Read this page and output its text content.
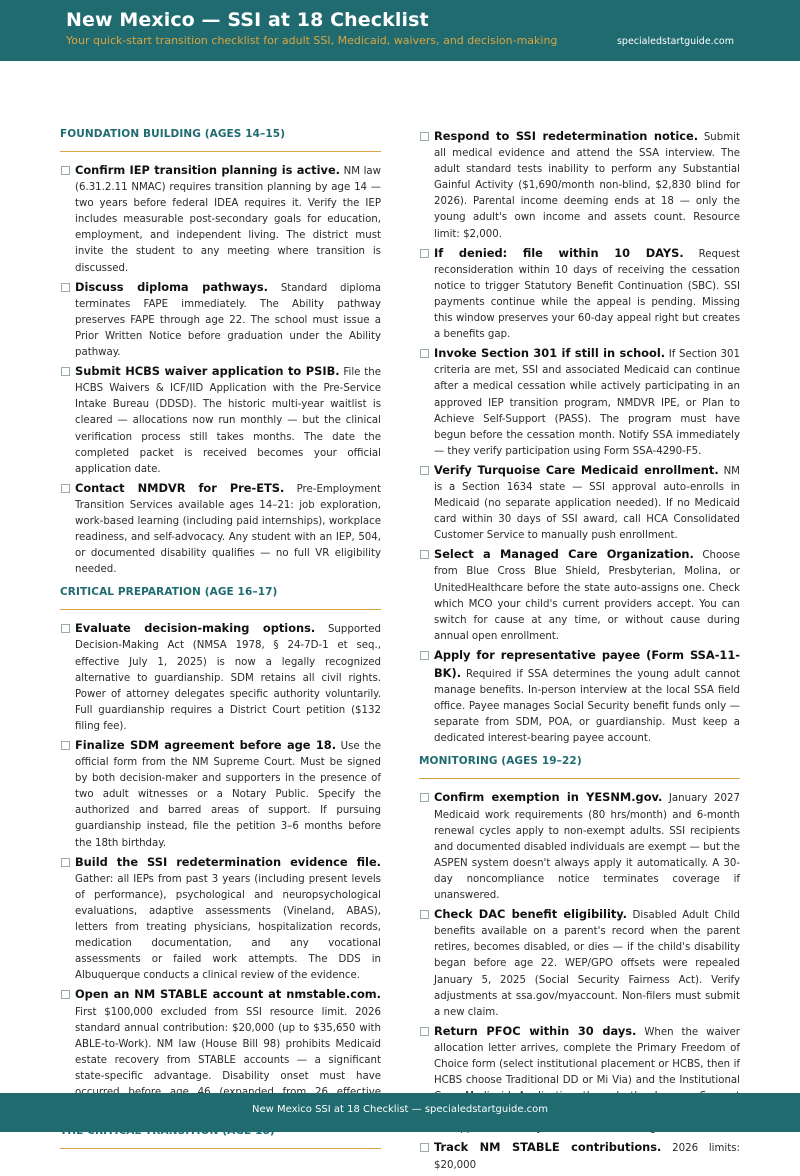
New Mexico — SSI at 18 Checklist
Your quick-start transition checklist for adult SSI, Medicaid, waivers, and decision-making	specialedstartguide.com
FOUNDATION BUILDING (AGES 14–15)
Confirm IEP transition planning is active. NM law (6.31.2.11 NMAC) requires transition planning by age 14 — two years before federal IDEA requires it. Verify the IEP includes measurable post-secondary goals for education, employment, and independent living. The district must invite the student to any meeting where transition is discussed.
Discuss diploma pathways. Standard diploma terminates FAPE immediately. The Ability pathway preserves FAPE through age 22. The school must issue a Prior Written Notice before graduation under the Ability pathway.
Submit HCBS waiver application to PSIB. File the HCBS Waivers & ICF/IID Application with the Pre-Service Intake Bureau (DDSD). The historic multi-year waitlist is cleared — allocations now run monthly — but the clinical verification process still takes months. The date the completed packet is received becomes your official application date.
Contact NMDVR for Pre-ETS. Pre-Employment Transition Services available ages 14–21: job exploration, work-based learning (including paid internships), workplace readiness, and self-advocacy. Any student with an IEP, 504, or documented disability qualifies — no full VR eligibility needed.
CRITICAL PREPARATION (AGE 16–17)
Evaluate decision-making options. Supported Decision-Making Act (NMSA 1978, § 24-7D-1 et seq., effective July 1, 2025) is now a legally recognized alternative to guardianship. SDM retains all civil rights. Power of attorney delegates specific authority voluntarily. Full guardianship requires a District Court petition ($132 filing fee).
Finalize SDM agreement before age 18. Use the official form from the NM Supreme Court. Must be signed by both decision-maker and supporters in the presence of two adult witnesses or a Notary Public. Specify the authorized and barred areas of support. If pursuing guardianship instead, file the petition 3–6 months before the 18th birthday.
Build the SSI redetermination evidence file. Gather: all IEPs from past 3 years (including present levels of performance), psychological and neuropsychological evaluations, adaptive assessments (Vineland, ABAS), letters from treating physicians, hospitalization records, medication documentation, and any vocational assessments or failed work attempts. The DDS in Albuquerque conducts a clinical review of the evidence.
Open an NM STABLE account at nmstable.com. First $100,000 excluded from SSI resource limit. 2026 standard annual contribution: $20,000 (up to $35,650 with ABLE-to-Work). NM law (House Bill 98) prohibits Medicaid estate recovery from STABLE accounts — a significant state-specific advantage. Disability onset must have
Respond to SSI redetermination notice. Submit all medical evidence and attend the SSA interview. The adult standard tests inability to perform any Substantial Gainful Activity ($1,690/month non-blind, $2,830 blind for 2026). Parental income deeming ends at 18 — only the young adult's own income and assets count. Resource limit: $2,000.
If denied: file within 10 DAYS. Request reconsideration within 10 days of receiving the cessation notice to trigger Statutory Benefit Continuation (SBC). SSI payments continue while the appeal is pending. Missing this window preserves your 60-day appeal right but creates a benefits gap.
Invoke Section 301 if still in school. If Section 301 criteria are met, SSI and associated Medicaid can continue after a medical cessation while actively participating in an approved IEP transition program, NMDVR IPE, or Plan to Achieve Self-Support (PASS). The program must have begun before the cessation month. Notify SSA immediately — they verify participation using Form SSA-4290-F5.
Verify Turquoise Care Medicaid enrollment. NM is a Section 1634 state — SSI approval auto-enrolls in Medicaid (no separate application needed). If no Medicaid card within 30 days of SSI award, call HCA Consolidated Customer Service to manually push enrollment.
Select a Managed Care Organization. Choose from Blue Cross Blue Shield, Presbyterian, Molina, or UnitedHealthcare before the state auto-assigns one. Check which MCO your child's current providers accept. You can switch for cause at any time, or without cause during annual open enrollment.
Apply for representative payee (Form SSA-11-BK). Required if SSA determines the young adult cannot manage benefits. In-person interview at the local SSA field office. Payee manages Social Security benefit funds only — separate from SDM, POA, or guardianship. Must keep a dedicated interest-bearing payee account.
MONITORING (AGES 19–22)
Confirm exemption in YESNM.gov. January 2027 Medicaid work requirements (80 hrs/month) and 6-month renewal cycles apply to non-exempt adults. SSI recipients and documented disabled individuals are exempt — but the ASPEN system doesn't always apply it automatically. A 30-day noncompliance notice terminates coverage if unanswered.
Check DAC benefit eligibility. Disabled Adult Child benefits available on a parent's record when the parent retires, becomes disabled, or dies — if the child's disability began before age 22. WEP/GPO offsets were repealed January 5, 2025 (Social Security Fairness Act). Verify adjustments at ssa.gov/myaccount. Non-filers must submit a new claim.
Return PFOC within 30 days. When the waiver allocation letter arrives, complete the Primary Freedom of Choice form (select institutional placement or HCBS, then if HCBS choose Traditional DD or Mi Via) and the Institutional
Track NM STABLE contributions. 2026 limits: $20,000
New Mexico SSI at 18 Checklist — specialedstartguide.com
